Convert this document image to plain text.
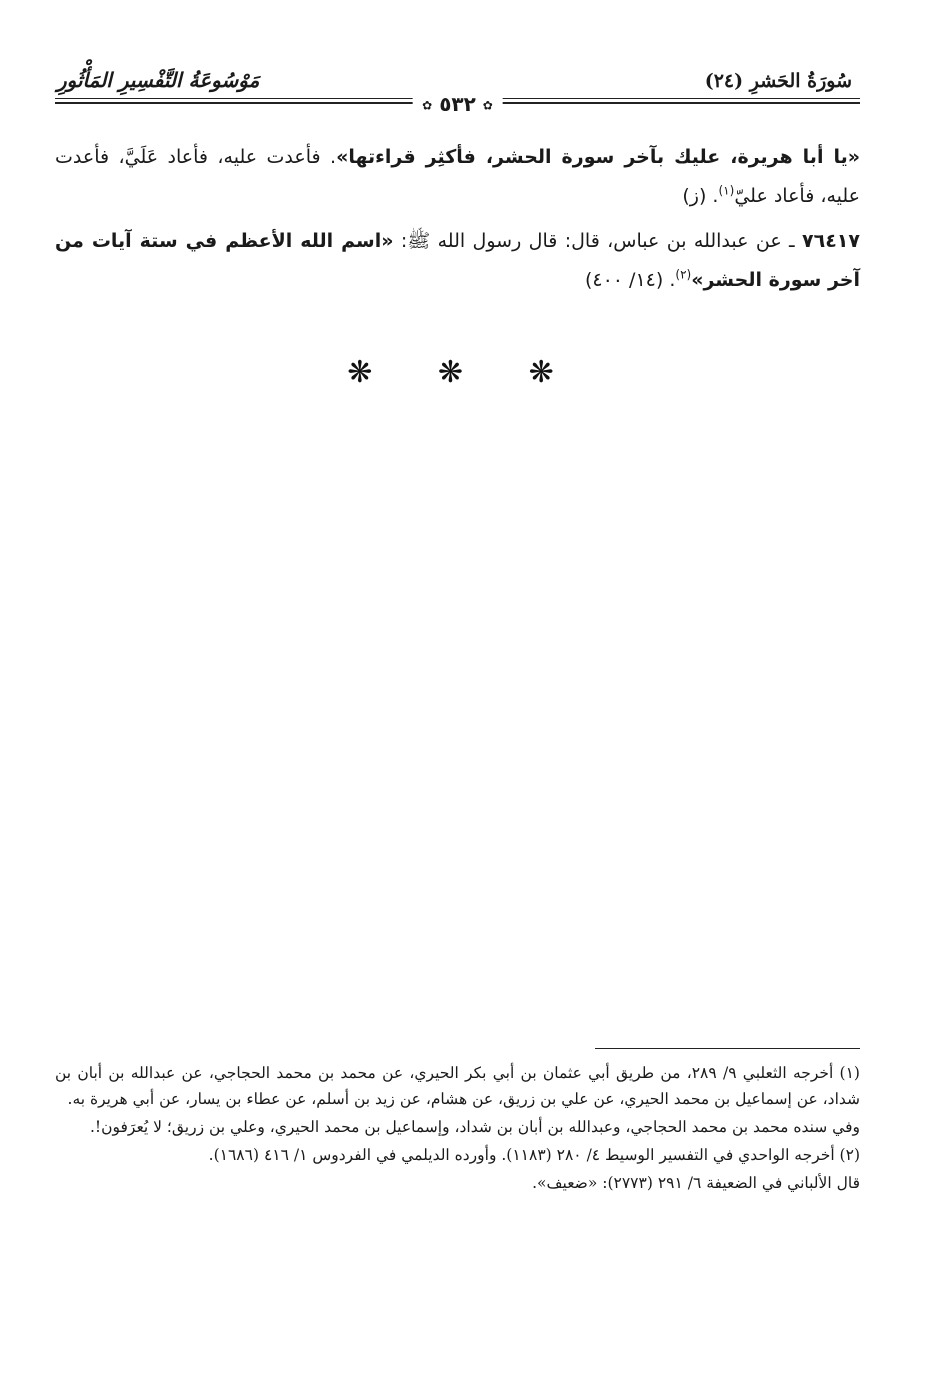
سُورَةُ الحَشرِ (٢٤)
مَوْسُوعَةُ التَّفْسِيرِ المَأْثُورِ
✿ ٥٣٢ ✿

«يا أبا هريرة، عليك بآخر سورة الحشر، فأكثِر قراءتها». فأعدت عليه، فأعاد عَلَيَّ، فأعدت عليه، فأعاد عليّ$^{(١)}$. (ز)

٧٦٤١٧ ـ عن عبدالله بن عباس، قال: قال رسول الله ﷺ: «اسم الله الأعظم في ستة آيات من آخر سورة الحشر»$^{(٢)}$. (١٤/ ٤٠٠)

❋ ❋ ❋

(١) أخرجه الثعلبي ٩/ ٢٨٩، من طريق أبي عثمان بن أبي بكر الحيري، عن محمد بن محمد الحجاجي، عن عبدالله بن أبان بن شداد، عن إسماعيل بن محمد الحيري، عن علي بن زريق، عن هشام، عن زيد بن أسلم، عن عطاء بن يسار، عن أبي هريرة به.

وفي سنده محمد بن محمد الحجاجي، وعبدالله بن أبان بن شداد، وإسماعيل بن محمد الحيري، وعلي بن زريق؛ لا يُعرَفون!.

(٢) أخرجه الواحدي في التفسير الوسيط ٤/ ٢٨٠ (١١٨٣). وأورده الديلمي في الفردوس ١/ ٤١٦ (١٦٨٦).

قال الألباني في الضعيفة ٦/ ٢٩١ (٢٧٧٣): «ضعيف».
